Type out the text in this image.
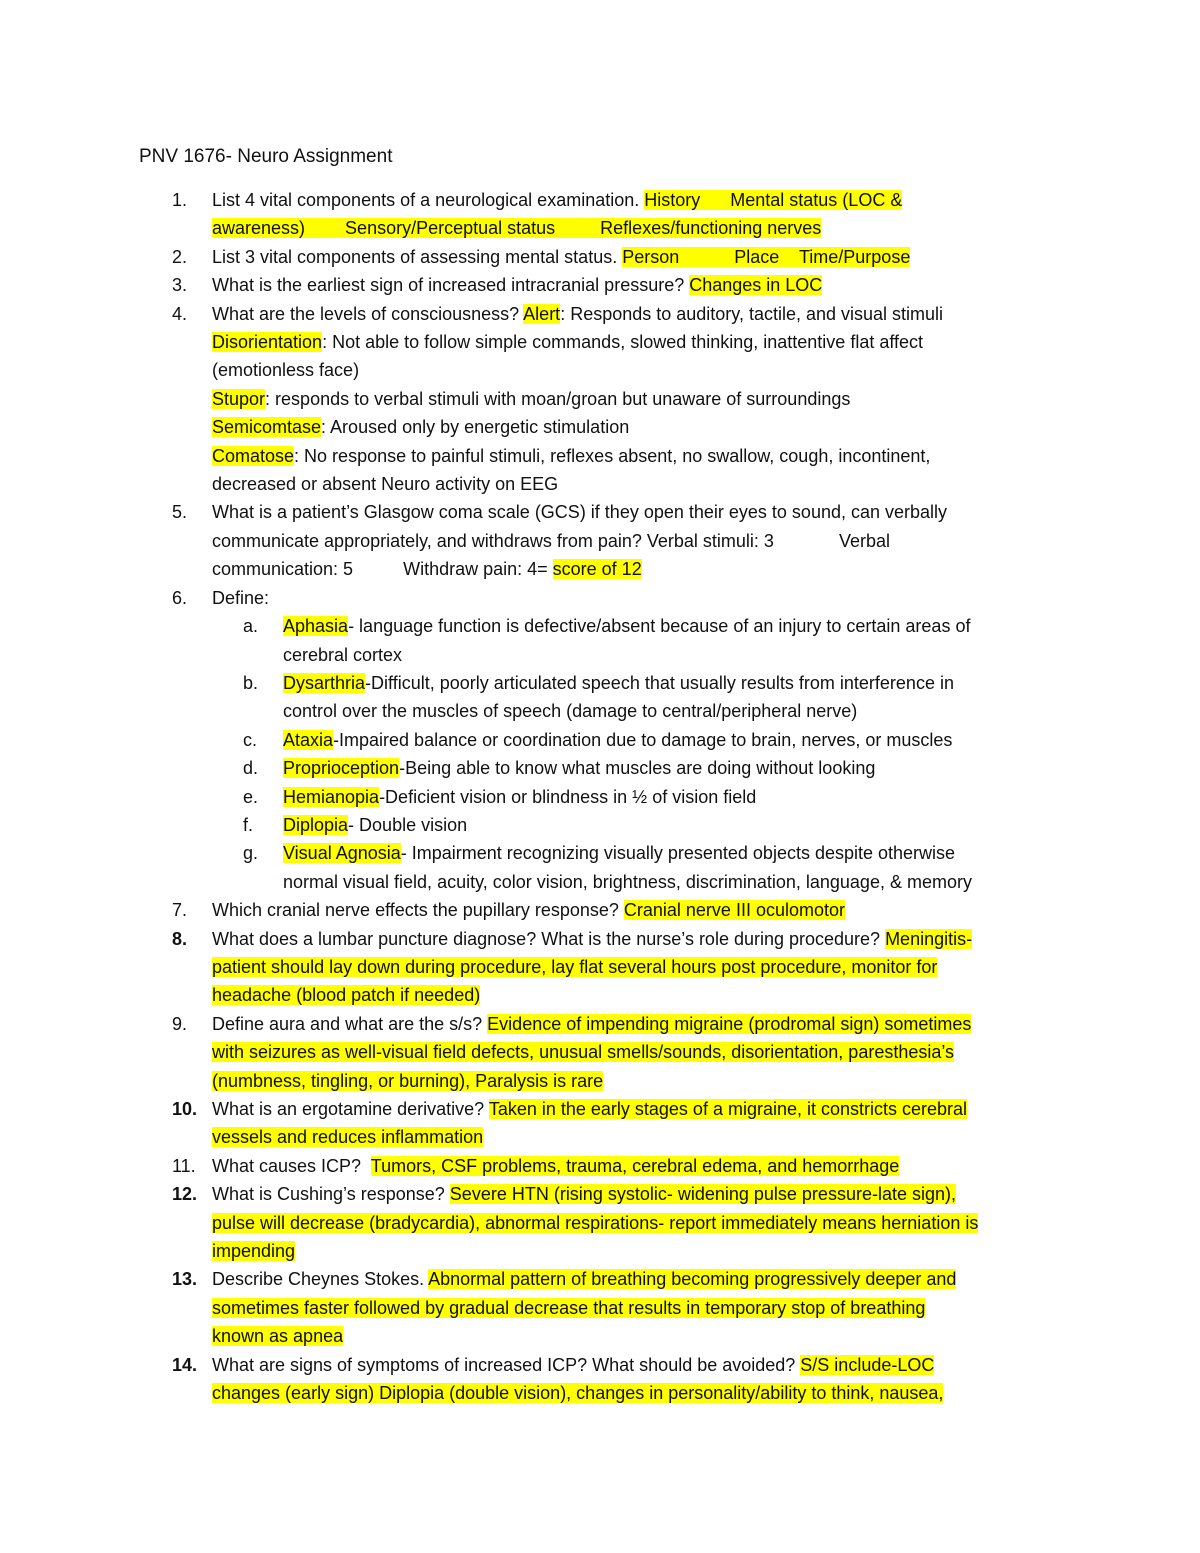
PNV 1676- Neuro Assignment
1. List 4 vital components of a neurological examination. History      Mental status (LOC &
awareness)        Sensory/Perceptual status         Reflexes/functioning nerves
2. List 3 vital components of assessing mental status. Person           Place    Time/Purpose
3. What is the earliest sign of increased intracranial pressure? Changes in LOC
4. What are the levels of consciousness? Alert: Responds to auditory, tactile, and visual stimuli
Disorientation: Not able to follow simple commands, slowed thinking, inattentive flat affect
(emotionless face)
Stupor: responds to verbal stimuli with moan/groan but unaware of surroundings
Semicomtase: Aroused only by energetic stimulation
Comatose: No response to painful stimuli, reflexes absent, no swallow, cough, incontinent,
decreased or absent Neuro activity on EEG
5. What is a patient’s Glasgow coma scale (GCS) if they open their eyes to sound, can verbally
communicate appropriately, and withdraws from pain? Verbal stimuli: 3             Verbal
communication: 5          Withdraw pain: 4= score of 12
6. Define:
a. Aphasia- language function is defective/absent because of an injury to certain areas of
cerebral cortex
b. Dysarthria-Difficult, poorly articulated speech that usually results from interference in
control over the muscles of speech (damage to central/peripheral nerve)
c. Ataxia-Impaired balance or coordination due to damage to brain, nerves, or muscles
d. Proprioception-Being able to know what muscles are doing without looking
e. Hemianopia-Deficient vision or blindness in ½ of vision field
f. Diplopia- Double vision
g. Visual Agnosia- Impairment recognizing visually presented objects despite otherwise
normal visual field, acuity, color vision, brightness, discrimination, language, & memory
7. Which cranial nerve effects the pupillary response? Cranial nerve III oculomotor
8. What does a lumbar puncture diagnose? What is the nurse’s role during procedure? Meningitis-
patient should lay down during procedure, lay flat several hours post procedure, monitor for
headache (blood patch if needed)
9. Define aura and what are the s/s? Evidence of impending migraine (prodromal sign) sometimes
with seizures as well-visual field defects, unusual smells/sounds, disorientation, paresthesia’s
(numbness, tingling, or burning), Paralysis is rare
10. What is an ergotamine derivative? Taken in the early stages of a migraine, it constricts cerebral
vessels and reduces inflammation
11. What causes ICP?  Tumors, CSF problems, trauma, cerebral edema, and hemorrhage
12. What is Cushing’s response? Severe HTN (rising systolic- widening pulse pressure-late sign),
pulse will decrease (bradycardia), abnormal respirations- report immediately means herniation is
impending
13. Describe Cheynes Stokes. Abnormal pattern of breathing becoming progressively deeper and
sometimes faster followed by gradual decrease that results in temporary stop of breathing
known as apnea
14. What are signs of symptoms of increased ICP? What should be avoided? S/S include-LOC
changes (early sign) Diplopia (double vision), changes in personality/ability to think, nausea,
